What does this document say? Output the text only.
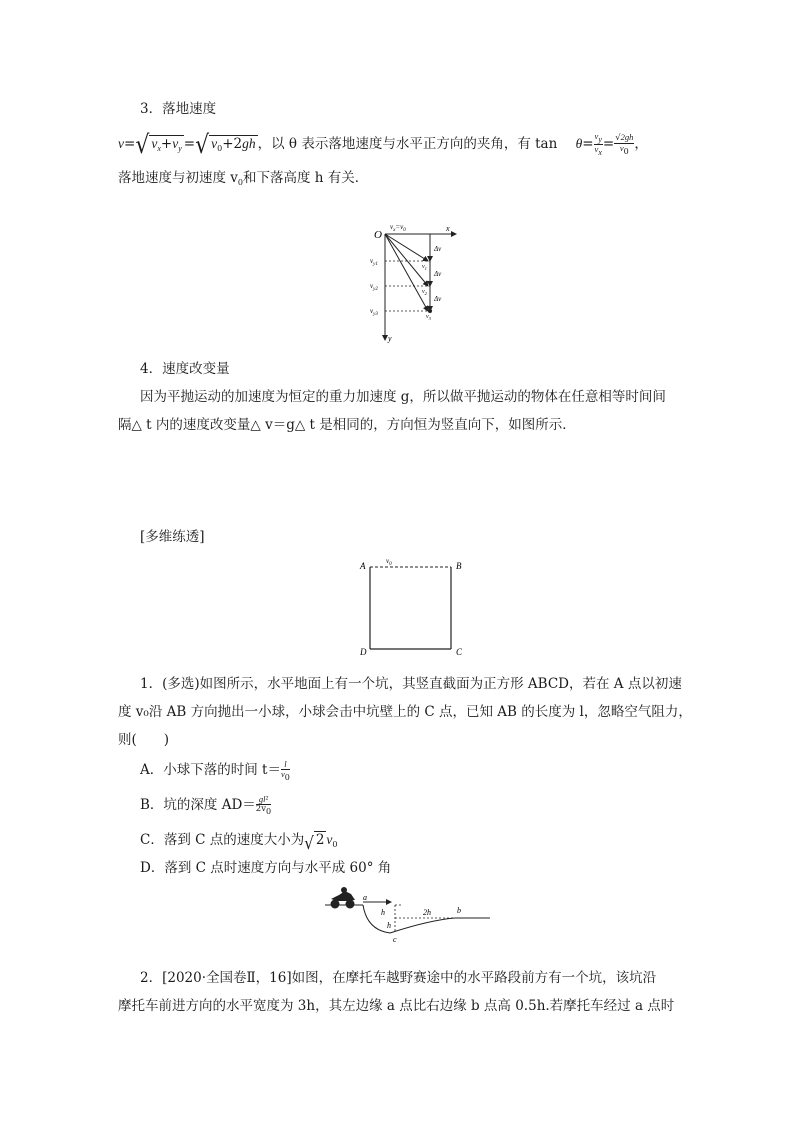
3．落地速度
v=√ $v_x+v_y$ =√ $v_0+2gh$ ，以 θ 表示落地速度与水平正方向的夹角，有 $\tan \theta= \frac{vy}{vx} = \frac{√2gh}{v0}$ ，
落地速度与初速度 $v_0$和下落高度 h 有关．
O
x
y
$v_x=v_0$
$v_{y1}$
$v_{y2}$
$v_{y3}$
Δv
Δv
Δv
$v_1$
$v_2$
$v_3$
4．速度改变量
因为平抛运动的加速度为恒定的重力加速度 g，所以做平抛运动的物体在任意相等时间间
隔△ t 内的速度改变量△ v＝g△ t 是相同的，方向恒为竖直向下，如图所示．
[多维练透]
A	B
D	C
$v_0$
1．(多选)如图所示，水平地面上有一个坑，其竖直截面为正方形 ABCD，若在 A 点以初速
度 v₀沿 AB 方向抛出一小球，小球会击中坑壁上的 C 点，已知 AB 的长度为 l，忽略空气阻力，
则(　　)
A．小球下落的时间 $t= \frac{l}{v0}$
B．坑的深度 $AD= \frac{\text{gl²}}{2v0}$
C．落到 C 点的速度大小为√ 2 $v_0$
D．落到 C 点时速度方向与水平成 60° 角
a
h
h
2h	b
c
2．[2020·全国卷Ⅱ，16]如图，在摩托车越野赛途中的水平路段前方有一个坑，该坑沿
摩托车前进方向的水平宽度为 3h，其左边缘 a 点比右边缘 b 点高 0.5h.若摩托车经过 a 点时
